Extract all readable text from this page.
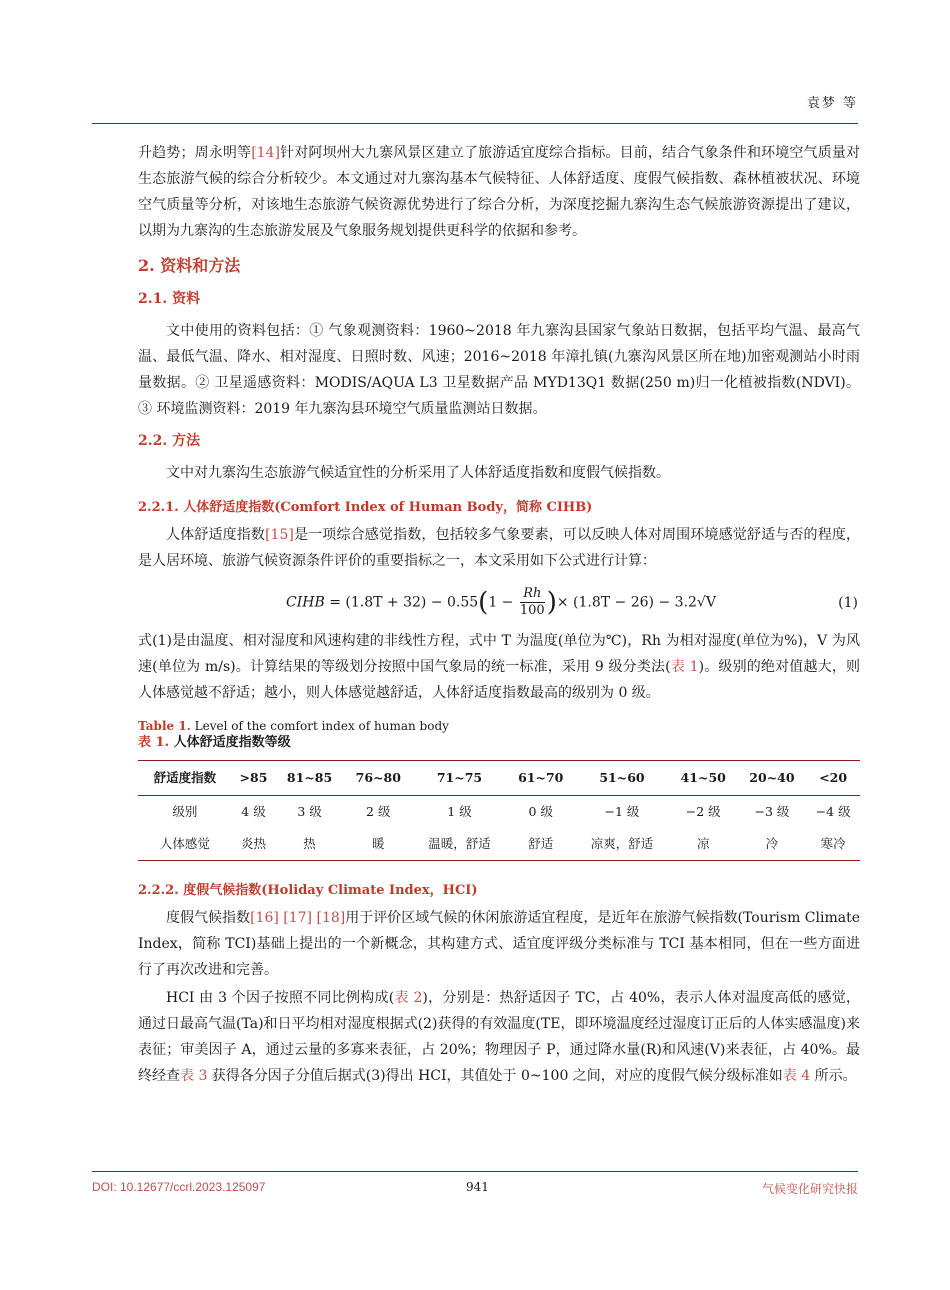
袁梦 等

升趋势；周永明等[14]针对阿坝州大九寨风景区建立了旅游适宜度综合指标。目前，结合气象条件和环境空气质量对生态旅游气候的综合分析较少。本文通过对九寨沟基本气候特征、人体舒适度、度假气候指数、森林植被状况、环境空气质量等分析，对该地生态旅游气候资源优势进行了综合分析，为深度挖掘九寨沟生态气候旅游资源提出了建议，以期为九寨沟的生态旅游发展及气象服务规划提供更科学的依据和参考。

2. 资料和方法
2.1. 资料

文中使用的资料包括：① 气象观测资料：1960~2018 年九寨沟县国家气象站日数据，包括平均气温、最高气温、最低气温、降水、相对湿度、日照时数、风速；2016~2018 年漳扎镇(九寨沟风景区所在地)加密观测站小时雨量数据。② 卫星遥感资料：MODIS/AQUA L3 卫星数据产品 MYD13Q1 数据(250 m)归一化植被指数(NDVI)。③ 环境监测资料：2019 年九寨沟县环境空气质量监测站日数据。

2.2. 方法

文中对九寨沟生态旅游气候适宜性的分析采用了人体舒适度指数和度假气候指数。

2.2.1. 人体舒适度指数(Comfort Index of Human Body，简称 CIHB)

人体舒适度指数[15]是一项综合感觉指数，包括较多气象要素，可以反映人体对周围环境感觉舒适与否的程度，是人居环境、旅游气候资源条件评价的重要指标之一，本文采用如下公式进行计算：

CIHB = $(1.8T + 32) - 0.55(1 - \frac{Rh}{100}$ )× (1.8T − 26) − 3.2√V	(1)

式(1)是由温度、相对湿度和风速构建的非线性方程，式中 T 为温度(单位为℃)，Rh 为相对湿度(单位为%)，V 为风速(单位为 m/s)。计算结果的等级划分按照中国气象局的统一标准，采用 9 级分类法(表 1)。级别的绝对值越大，则人体感觉越不舒适；越小，则人体感觉越舒适，人体舒适度指数最高的级别为 0 级。

Table 1. Level of the comfort index of human body
表 1. 人体舒适度指数等级
舒适度指数	>85	81~85	76~80	71~75	61~70	51~60	41~50	20~40	<20
级别	4 级	3 级	2 级	1 级	0 级	−1 级	−2 级	−3 级	−4 级
人体感觉	炎热	热	暖	温暖，舒适	舒适	凉爽，舒适	凉	冷	寒冷
2.2.2. 度假气候指数(Holiday Climate Index，HCI)

度假气候指数[16] [17] [18]用于评价区域气候的休闲旅游适宜程度，是近年在旅游气候指数(Tourism Climate Index，简称 TCI)基础上提出的一个新概念，其构建方式、适宜度评级分类标准与 TCI 基本相同，但在一些方面进行了再次改进和完善。

HCI 由 3 个因子按照不同比例构成(表 2)，分别是：热舒适因子 TC，占 40%，表示人体对温度高低的感觉，通过日最高气温(Ta)和日平均相对湿度根据式(2)获得的有效温度(TE，即环境温度经过湿度订正后的人体实感温度)来表征；审美因子 A，通过云量的多寡来表征，占 20%；物理因子 P，通过降水量(R)和风速(V)来表征，占 40%。最终经查表 3 获得各分因子分值后据式(3)得出 HCI，其值处于 0~100 之间，对应的度假气候分级标准如表 4 所示。

DOI: 10.12677/ccrl.2023.125097	941	气候变化研究快报
